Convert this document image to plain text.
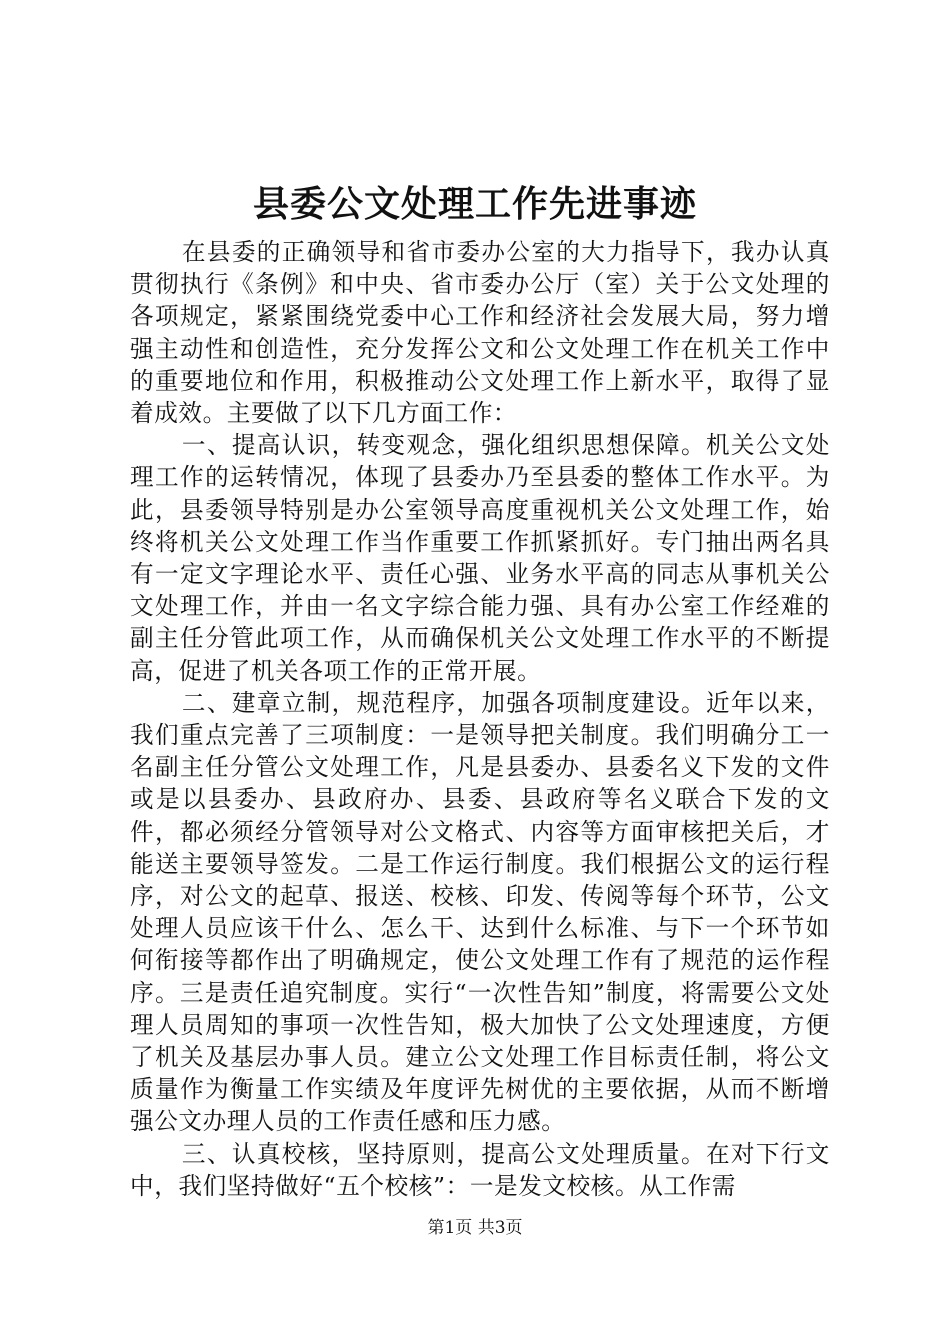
县委公文处理工作先进事迹

在县委的正确领导和省市委办公室的大力指导下，我办认真贯彻执行《条例》和中央、省市委办公厅（室）关于公文处理的各项规定，紧紧围绕党委中心工作和经济社会发展大局，努力增强主动性和创造性，充分发挥公文和公文处理工作在机关工作中的重要地位和作用，积极推动公文处理工作上新水平，取得了显着成效。主要做了以下几方面工作：

一、提高认识，转变观念，强化组织思想保障。机关公文处理工作的运转情况，体现了县委办乃至县委的整体工作水平。为此，县委领导特别是办公室领导高度重视机关公文处理工作，始终将机关公文处理工作当作重要工作抓紧抓好。专门抽出两名具有一定文字理论水平、责任心强、业务水平高的同志从事机关公文处理工作，并由一名文字综合能力强、具有办公室工作经难的副主任分管此项工作，从而确保机关公文处理工作水平的不断提高，促进了机关各项工作的正常开展。

二、建章立制，规范程序，加强各项制度建设。近年以来，我们重点完善了三项制度：一是领导把关制度。我们明确分工一名副主任分管公文处理工作，凡是县委办、县委名义下发的文件或是以县委办、县政府办、县委、县政府等名义联合下发的文件，都必须经分管领导对公文格式、内容等方面审核把关后，才能送主要领导签发。二是工作运行制度。我们根据公文的运行程序，对公文的起草、报送、校核、印发、传阅等每个环节，公文处理人员应该干什么、怎么干、达到什么标准、与下一个环节如何衔接等都作出了明确规定，使公文处理工作有了规范的运作程序。三是责任追究制度。实行“一次性告知”制度，将需要公文处理人员周知的事项一次性告知，极大加快了公文处理速度，方便了机关及基层办事人员。建立公文处理工作目标责任制，将公文质量作为衡量工作实绩及年度评先树优的主要依据，从而不断增强公文办理人员的工作责任感和压力感。

三、认真校核，坚持原则，提高公文处理质量。在对下行文中，我们坚持做好“五个校核”：一是发文校核。从工作需

第1页 共3页
